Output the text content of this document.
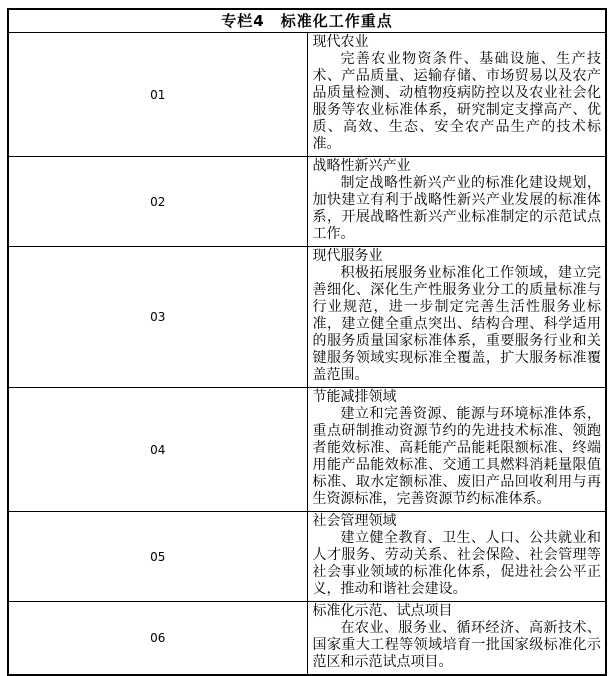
专栏4　标准化工作重点	
01	现代农业

完善农业物资条件、基础设施、生产技术、产品质量、运输存储、市场贸易以及农产品质量检测、动植物疫病防控以及农业社会化服务等农业标准体系，研究制定支撑高产、优质、高效、生态、安全农产品生产的技术标准。

02	战略性新兴产业

制定战略性新兴产业的标准化建设规划，加快建立有利于战略性新兴产业发展的标准体系，开展战略性新兴产业标准制定的示范试点工作。

03	现代服务业

积极拓展服务业标准化工作领域，建立完善细化、深化生产性服务业分工的质量标准与行业规范，进一步制定完善生活性服务业标准，建立健全重点突出、结构合理、科学适用的服务质量国家标准体系，重要服务行业和关键服务领域实现标准全覆盖，扩大服务标准覆盖范围。

04	节能减排领域

建立和完善资源、能源与环境标准体系，重点研制推动资源节约的先进技术标准、领跑者能效标准、高耗能产品能耗限额标准、终端用能产品能效标准、交通工具燃料消耗量限值标准、取水定额标准、废旧产品回收利用与再生资源标准，完善资源节约标准体系。

05	社会管理领域

建立健全教育、卫生、人口、公共就业和人才服务、劳动关系、社会保险、社会管理等社会事业领域的标准化体系，促进社会公平正义，推动和谐社会建设。

06	标准化示范、试点项目

在农业、服务业、循环经济、高新技术、国家重大工程等领域培育一批国家级标准化示范区和示范试点项目。
